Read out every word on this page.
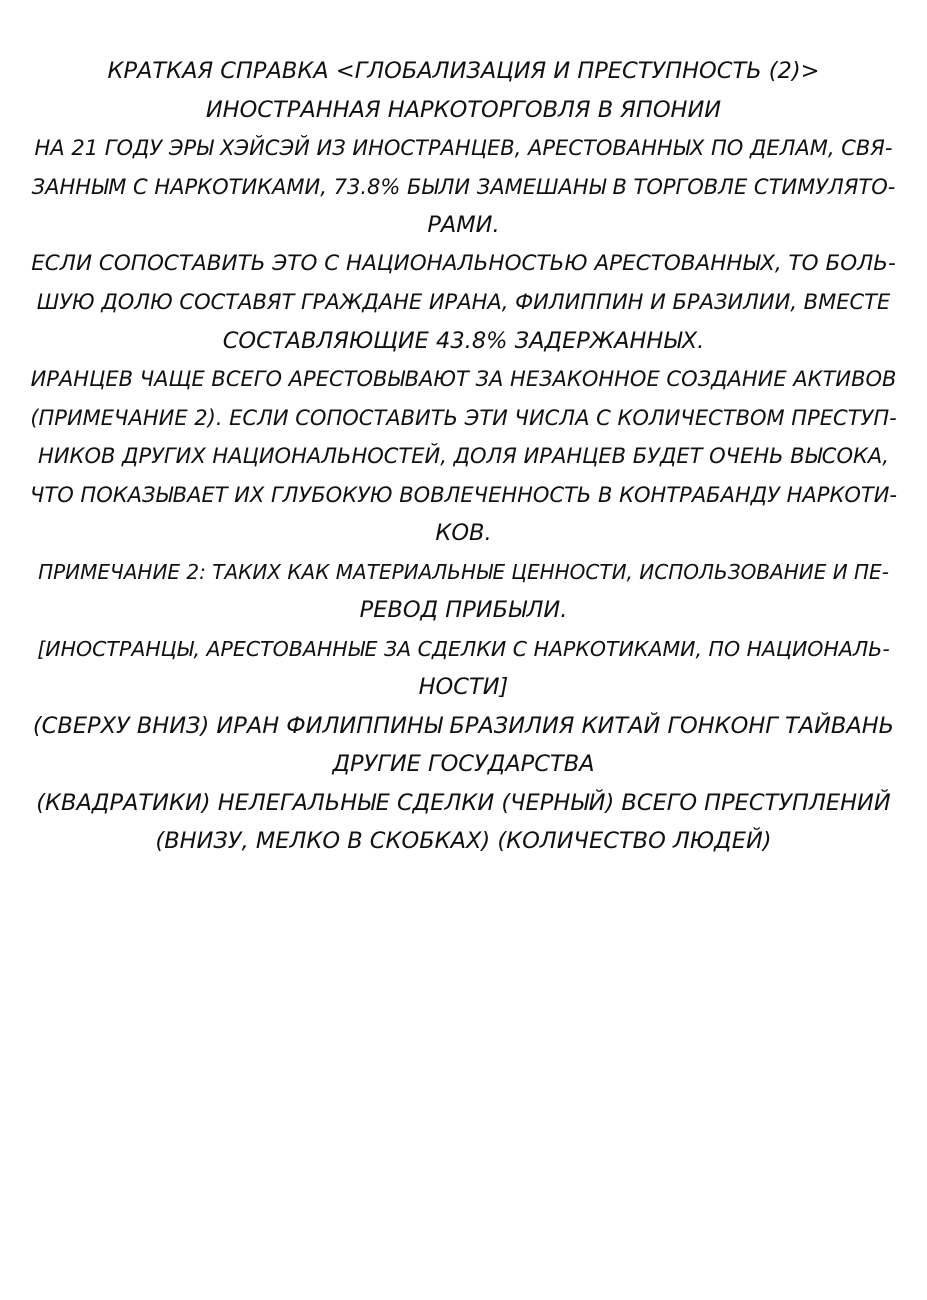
КРАТКАЯ СПРАВКА <ГЛОБАЛИЗАЦИЯ И ПРЕСТУПНОСТЬ (2)>
ИНОСТРАННАЯ НАРКОТОРГОВЛЯ В ЯПОНИИ
НА 21 ГОДУ ЭРЫ ХЭЙСЭЙ ИЗ ИНОСТРАНЦЕВ, АРЕСТОВАННЫХ ПО ДЕЛАМ, СВЯ-
ЗАННЫМ С НАРКОТИКАМИ, 73.8% БЫЛИ ЗАМЕШАНЫ В ТОРГОВЛЕ СТИМУЛЯТО-
РАМИ.
ЕСЛИ СОПОСТАВИТЬ ЭТО С НАЦИОНАЛЬНОСТЬЮ АРЕСТОВАННЫХ, ТО БОЛЬ-
ШУЮ ДОЛЮ СОСТАВЯТ ГРАЖДАНЕ ИРАНА, ФИЛИППИН И БРАЗИЛИИ, ВМЕСТЕ
СОСТАВЛЯЮЩИЕ 43.8% ЗАДЕРЖАННЫХ.
ИРАНЦЕВ ЧАЩЕ ВСЕГО АРЕСТОВЫВАЮТ ЗА НЕЗАКОННОЕ СОЗДАНИЕ АКТИВОВ
(ПРИМЕЧАНИЕ 2). ЕСЛИ СОПОСТАВИТЬ ЭТИ ЧИСЛА С КОЛИЧЕСТВОМ ПРЕСТУП-
НИКОВ ДРУГИХ НАЦИОНАЛЬНОСТЕЙ, ДОЛЯ ИРАНЦЕВ БУДЕТ ОЧЕНЬ ВЫСОКА,
ЧТО ПОКАЗЫВАЕТ ИХ ГЛУБОКУЮ ВОВЛЕЧЕННОСТЬ В КОНТРАБАНДУ НАРКОТИ-
КОВ.
ПРИМЕЧАНИЕ 2: ТАКИХ КАК МАТЕРИАЛЬНЫЕ ЦЕННОСТИ, ИСПОЛЬЗОВАНИЕ И ПЕ-
РЕВОД ПРИБЫЛИ.
[ИНОСТРАНЦЫ, АРЕСТОВАННЫЕ ЗА СДЕЛКИ С НАРКОТИКАМИ, ПО НАЦИОНАЛЬ-
НОСТИ]
(СВЕРХУ ВНИЗ) ИРАН ФИЛИППИНЫ БРАЗИЛИЯ КИТАЙ ГОНКОНГ ТАЙВАНЬ
ДРУГИЕ ГОСУДАРСТВА
(КВАДРАТИКИ) НЕЛЕГАЛЬНЫЕ СДЕЛКИ (ЧЕРНЫЙ) ВСЕГО ПРЕСТУПЛЕНИЙ
(ВНИЗУ, МЕЛКО В СКОБКАХ) (КОЛИЧЕСТВО ЛЮДЕЙ)
